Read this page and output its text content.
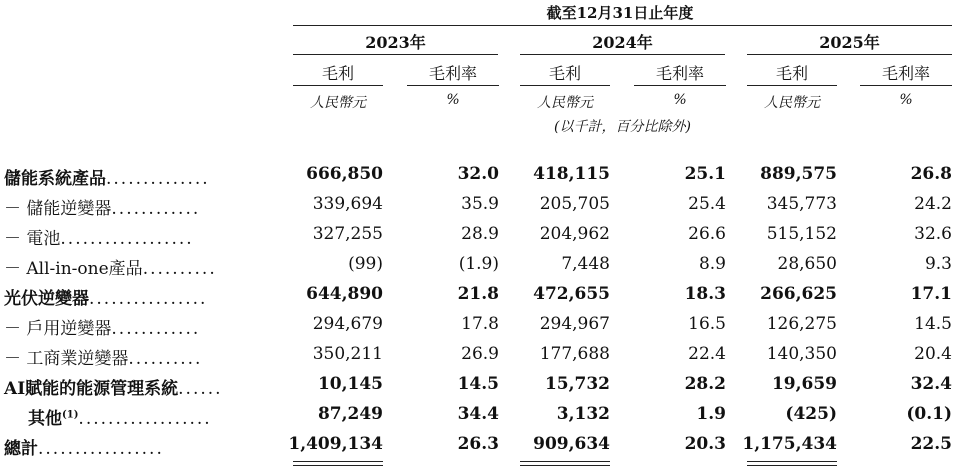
截至12月31日止年度
2023年	2024年	2025年
毛利	毛利率	毛利	毛利率	毛利	毛利率
人民幣元	%	人民幣元	%	人民幣元	%
(以千計，百分比除外)
儲能系統產品..............	666,850	32.0	418,115	25.1	889,575	26.8
－ 儲能逆變器............	339,694	35.9	205,705	25.4	345,773	24.2
－ 電池..................	327,255	28.9	204,962	26.6	515,152	32.6
－ All-in-one產品..........	(99)	(1.9)	7,448	8.9	28,650	9.3
光伏逆變器................	644,890	21.8	472,655	18.3	266,625	17.1
－ 戶用逆變器............	294,679	17.8	294,967	16.5	126,275	14.5
－ 工商業逆變器..........	350,211	26.9	177,688	22.4	140,350	20.4
AI賦能的能源管理系統......	10,145	14.5	15,732	28.2	19,659	32.4
其他$^{(1)}$..................	87,249	34.4	3,132	1.9	(425)	(0.1)
總計.................	1,409,134	26.3	909,634	20.3 1,175,434	22.5
